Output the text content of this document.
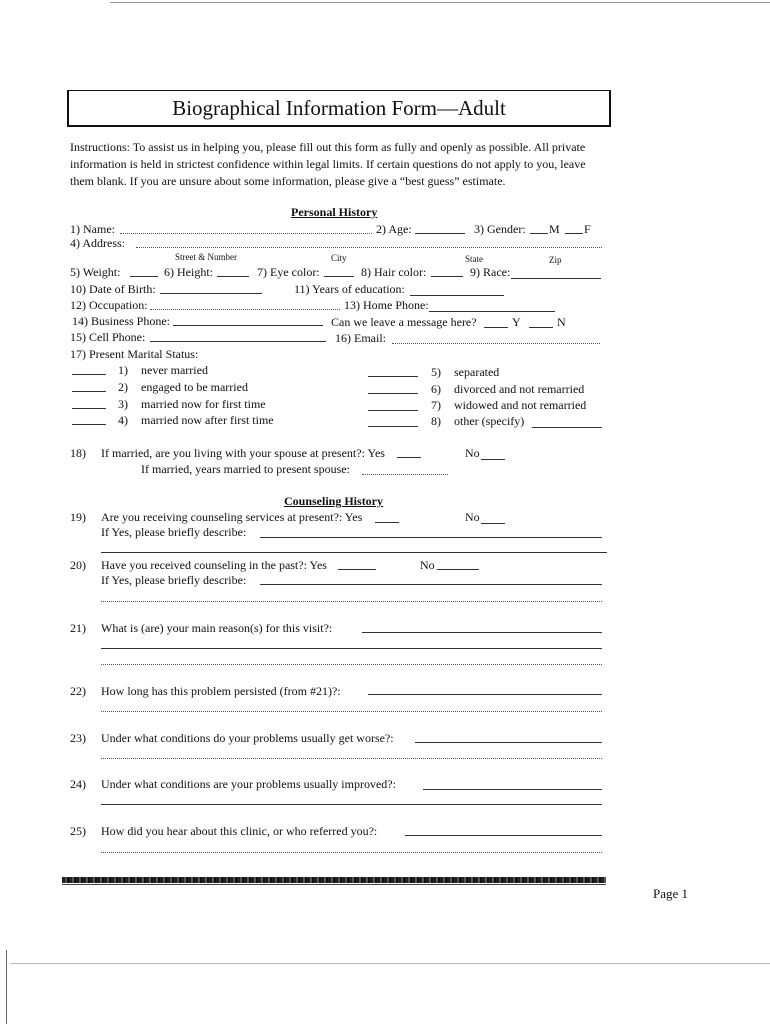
Biographical Information Form—Adult
Instructions: To assist us in helping you, please fill out this form as fully and openly as possible. All private information is held in strictest confidence within legal limits. If certain questions do not apply to you, leave them blank. If you are unsure about some information, please give a “best guess” estimate.
Personal History
1) Name:	2) Age:	3) Gender: M F
4) Address:
Street & Number	City	State	Zip
5) Weight:	6) Height:	7) Eye color:	8) Hair color:	9) Race:
10) Date of Birth:	11) Years of education:
12) Occupation:	13) Home Phone:
14) Business Phone:	Can we leave a message here?	Y	N
15) Cell Phone:	16) Email:
17) Present Marital Status:
1) never married
2) engaged to be married
3) married now for first time
4) married now after first time
5) separated
6) divorced and not remarried
7) widowed and not remarried
8) other (specify)
18) If married, are you living with your spouse at present?: Yes	No
If married, years married to present spouse:
Counseling History
19) Are you receiving counseling services at present?: Yes	No
If Yes, please briefly describe:
20) Have you received counseling in the past?: Yes	No
If Yes, please briefly describe:
21) What is (are) your main reason(s) for this visit?:
22) How long has this problem persisted (from #21)?:
23) Under what conditions do your problems usually get worse?:
24) Under what conditions are your problems usually improved?:
25) How did you hear about this clinic, or who referred you?:
Page 1
